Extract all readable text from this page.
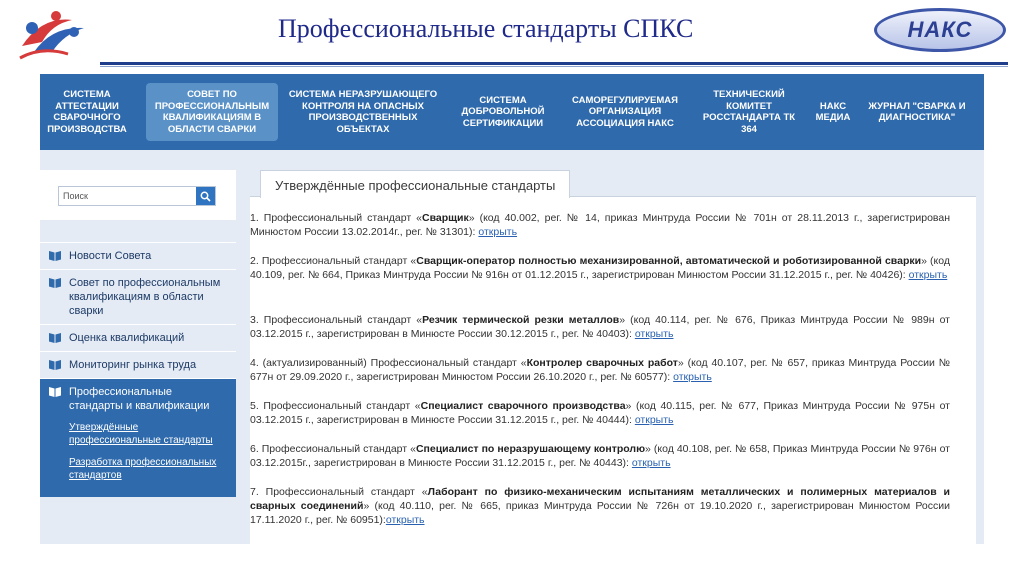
Профессиональные стандарты СПКС	НАКС
СИСТЕМА АТТЕСТАЦИИ СВАРОЧНОГО ПРОИЗВОДСТВА
СОВЕТ ПО ПРОФЕССИОНАЛЬНЫМ КВАЛИФИКАЦИЯМ В ОБЛАСТИ СВАРКИ
СИСТЕМА НЕРАЗРУШАЮЩЕГО КОНТРОЛЯ НА ОПАСНЫХ ПРОИЗВОДСТВЕННЫХ ОБЪЕКТАХ
СИСТЕМА ДОБРОВОЛЬНОЙ СЕРТИФИКАЦИИ
САМОРЕГУЛИРУЕМАЯ ОРГАНИЗАЦИЯ АССОЦИАЦИЯ НАКС
ТЕХНИЧЕСКИЙ КОМИТЕТ РОССТАНДАРТА ТК 364
НАКС МЕДИА
ЖУРНАЛ "СВАРКА И ДИАГНОСТИКА"
Поиск
Новости Совета
Совет по профессиональным квалификациям в области сварки
Оценка квалификаций
Мониторинг рынка труда
Профессиональные стандарты и квалификации
Утверждённые профессиональные стандарты
Разработка профессиональных стандартов
1. Профессиональный стандарт «Сварщик» (код 40.002, рег. № 14, приказ Минтруда России № 701н от 28.11.2013 г., зарегистрирован Минюстом России 13.02.2014г., рег. № 31301): открыть
2. Профессиональный стандарт «Сварщик-оператор полностью механизированной, автоматической и роботизированной сварки» (код 40.109, рег. № 664, Приказ Минтруда России № 916н от 01.12.2015 г., зарегистрирован Минюстом России 31.12.2015 г., рег. № 40426): открыть
3. Профессиональный стандарт «Резчик термической резки металлов» (код 40.114, рег. № 676, Приказ Минтруда России № 989н от 03.12.2015 г., зарегистрирован в Минюсте России 30.12.2015 г., рег. № 40403): открыть
4. (актуализированный) Профессиональный стандарт «Контролер сварочных работ» (код 40.107, рег. № 657, приказ Минтруда России № 677н от 29.09.2020 г., зарегистрирован Минюстом России 26.10.2020 г., рег. № 60577): открыть
5. Профессиональный стандарт «Специалист сварочного производства» (код 40.115, рег. № 677, Приказ Минтруда России № 975н от 03.12.2015 г., зарегистрирован в Минюсте России 31.12.2015 г., рег. № 40444): открыть
6. Профессиональный стандарт «Специалист по неразрушающему контролю» (код 40.108, рег. № 658, Приказ Минтруда России № 976н от 03.12.2015г., зарегистрирован в Минюсте России 31.12.2015 г., рег. № 40443): открыть
7. Профессиональный стандарт «Лаборант по физико-механическим испытаниям металлических и полимерных материалов и сварных соединений» (код 40.110, рег. № 665, приказ Минтруда России № 726н от 19.10.2020 г., зарегистрирован Минюстом России 17.11.2020 г., рег. № 60951):открыть
Утверждённые профессиональные стандарты
